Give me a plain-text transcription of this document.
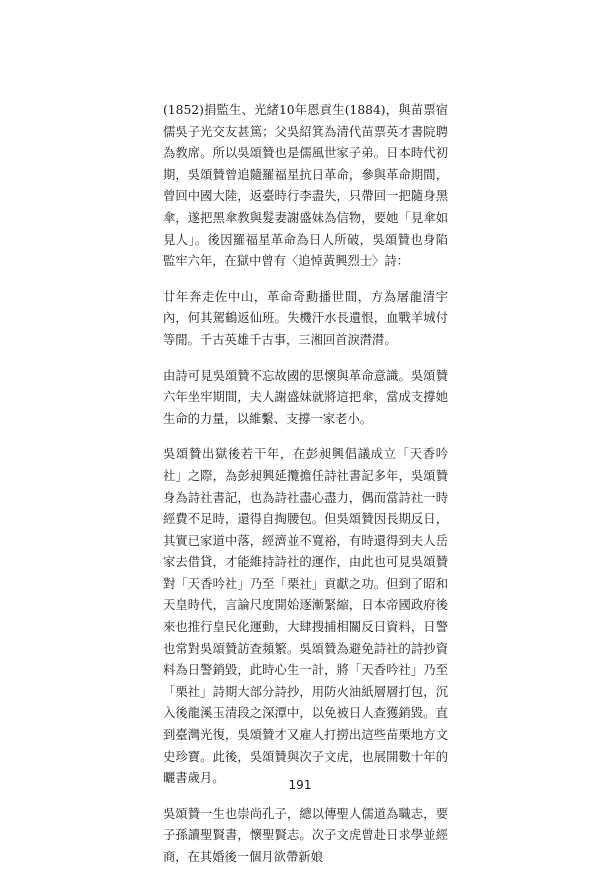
(1852)捐監生、光緒10年恩貢生(1884)，與苗票宿儒吳子光交友甚篤；父吳紹箕為清代苗票英才書院聘為教席。所以吳頌贊也是儒風世家子弟。日本時代初期，吳頌贊曾追隨羅福星抗日革命，參與革命期間，曾回中國大陸，返臺時行李盡失，只帶回一把隨身黑傘，遂把黑傘教與髮妻謝盛妹為信物，要她「見傘如見人」。後因羅福星革命為日人所破，吳頌贊也身陷監牢六年，在獄中曾有〈追悼黃興烈士〉詩：

廿年奔走佐中山，革命奇勳播世間，方為屠龍清宇內，何其駕鶴返仙班。失機汗水長遺恨，血戰羊城付等閒。千古英雄千古事，三湘回首淚潸潸。

由詩可見吳頌贊不忘故國的思懷與革命意識。吳頌贊六年坐牢期間，夫人謝盛妹就將這把傘，當成支撐她生命的力量，以維繫、支撐一家老小。

吳頌贊出獄後若干年，在彭昶興倡議成立「天香吟社」之際，為彭昶興延攬擔任詩社書記多年，吳頌贊身為詩社書記，也為詩社盡心盡力，偶而當詩社一時經費不足時，還得自掏腰包。但吳頌贊因長期反日，其實已家道中落，經濟並不寬裕，有時還得到夫人岳家去借貸，才能維持詩社的運作，由此也可見吳頌贊對「天香吟社」乃至「栗社」貢獻之功。但到了昭和天皇時代，言論尺度開始逐漸緊縮，日本帝國政府後來也推行皇民化運動，大肆搜捕相關反日資料，日警也常對吳頌贊訪查頻繁。吳頌贊為避免詩社的詩抄資料為日警銷毀，此時心生一計，將「天香吟社」乃至「栗社」詩期大部分詩抄，用防火油紙層層打包，沉入後龍溪玉清段之深潭中，以免被日人查獲銷毀。直到臺灣光復，吳頌贊才又雇人打撈出這些苗栗地方文史珍寶。此後，吳頌贊與次子文虎，也展開數十年的曬書歲月。

吳頌贊一生也崇尚孔子，總以傳聖人儒道為職志，要子孫讀聖賢書，懷聖賢志。次子文虎曾赴日求學並經商，在其婚後一個月欲帶新娘

191
